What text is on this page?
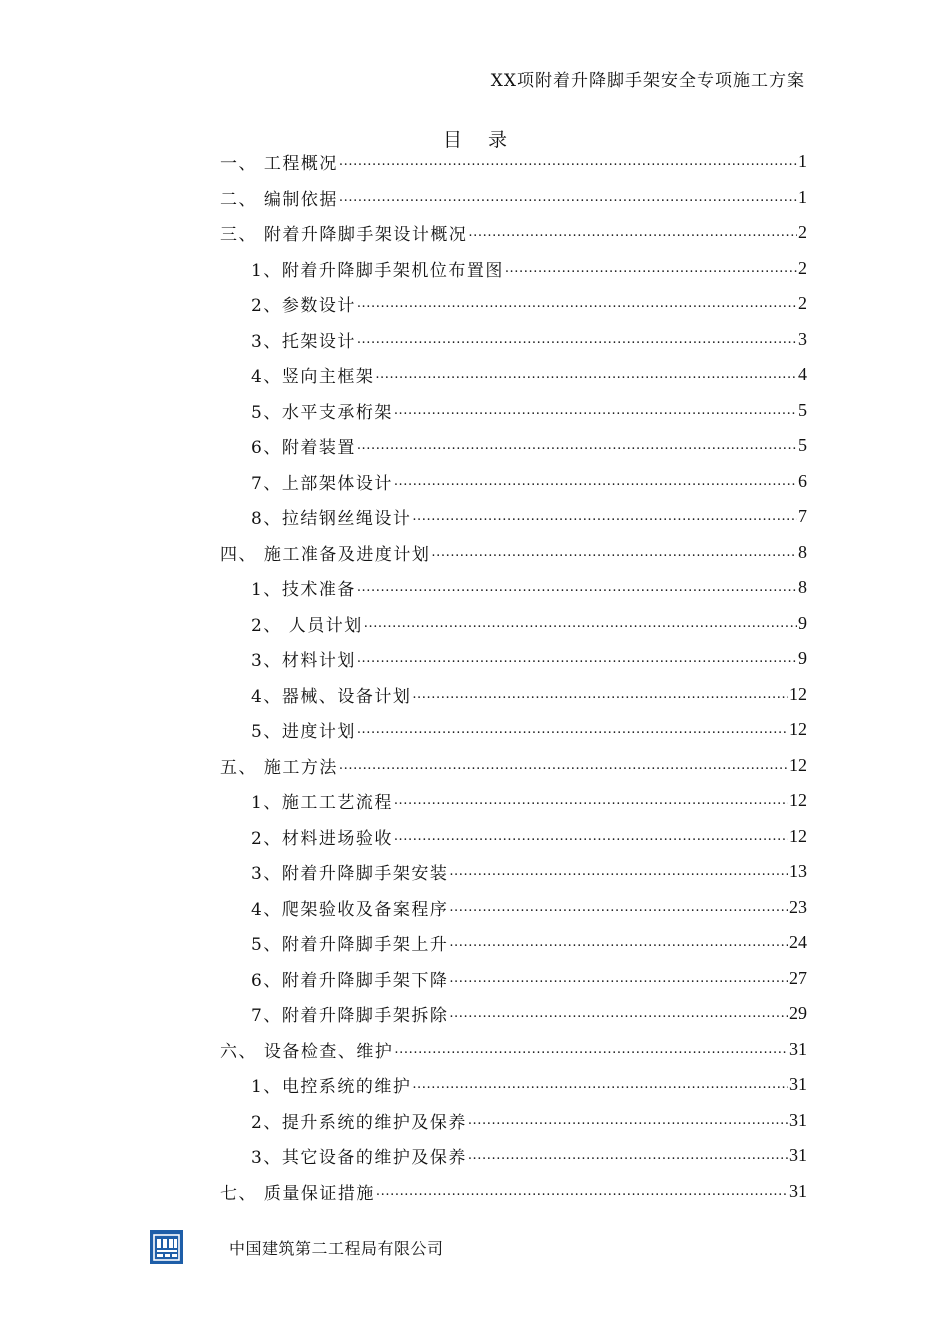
XX项附着升降脚手架安全专项施工方案
目 录
一、 工程概况 .....	1
二、 编制依据 .....	1
三、 附着升降脚手架设计概况 .....	2
1、附着升降脚手架机位布置图 .....	2
2、参数设计 .....	2
3、托架设计 .....	3
4、竖向主框架 .....	4
5、水平支承桁架 .....	5
6、附着装置 .....	5
7、上部架体设计 .....	6
8、拉结钢丝绳设计 .....	7
四、 施工准备及进度计划 .....	8
1、技术准备 .....	8
2、 人员计划 .....	9
3、材料计划 .....	9
4、器械、设备计划 .....	12
5、进度计划 .....	12
五、 施工方法 .....	12
1、施工工艺流程 .....	12
2、材料进场验收 .....	12
3、附着升降脚手架安装 .....	13
4、爬架验收及备案程序 .....	23
5、附着升降脚手架上升 .....	24
6、附着升降脚手架下降 .....	27
7、附着升降脚手架拆除 .....	29
六、 设备检查、维护 .....	31
1、电控系统的维护 .....	31
2、提升系统的维护及保养 .....	31
3、其它设备的维护及保养 .....	31
七、 质量保证措施 .....	31
中国建筑第二工程局有限公司
